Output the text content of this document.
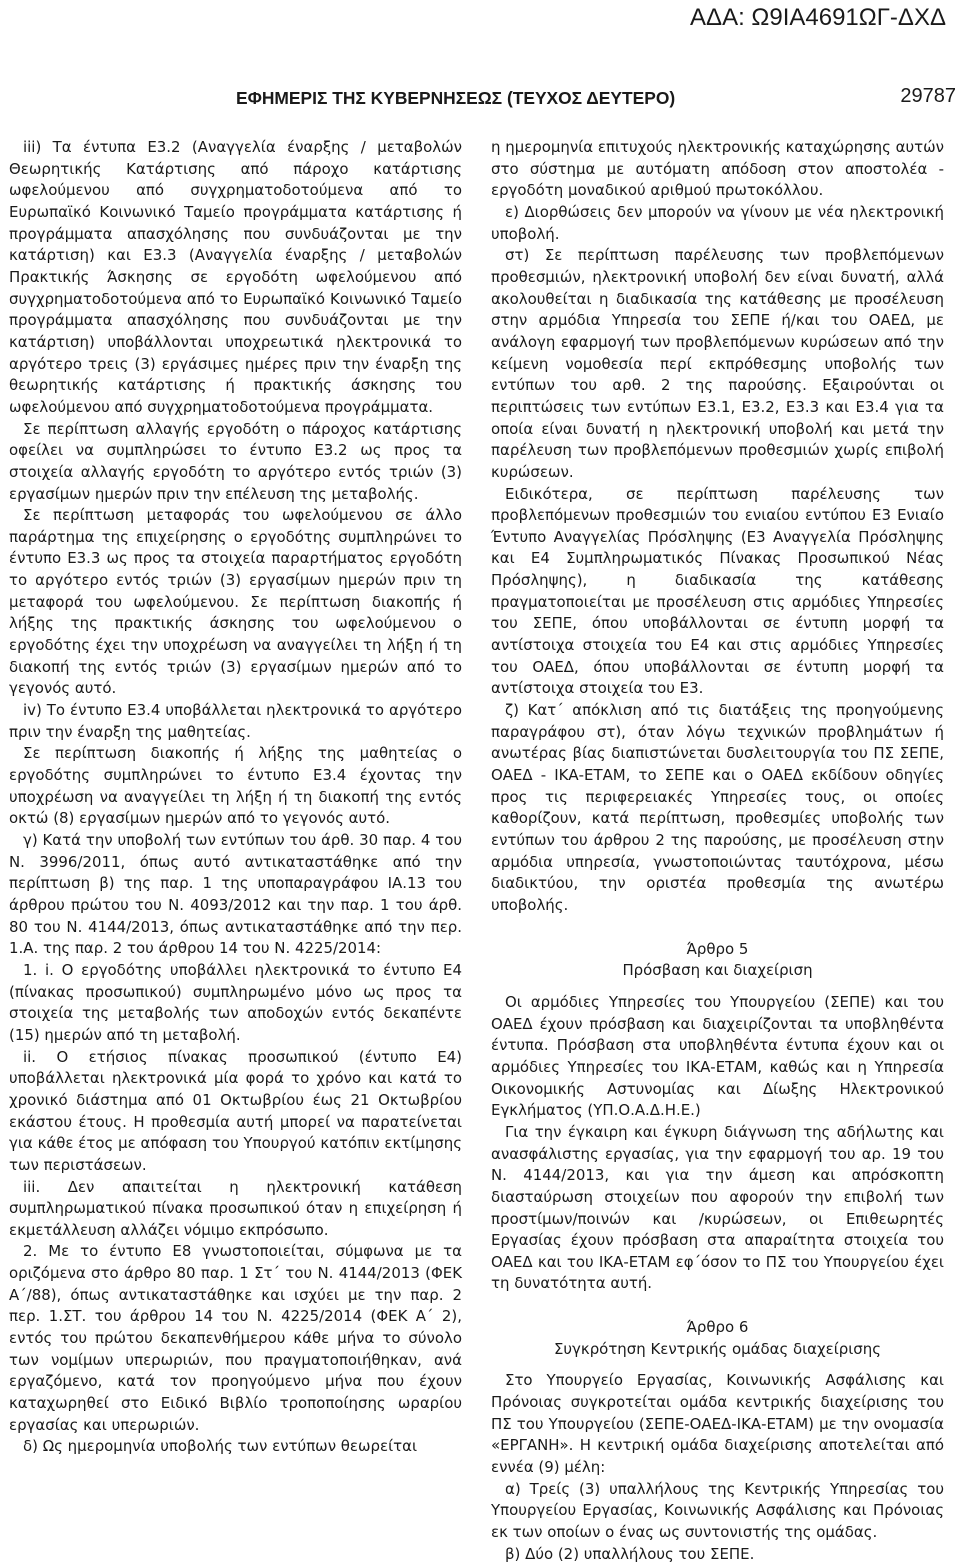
ΑΔΑ: Ω9ΙΑ4691ΩΓ-ΔΧΔ
ΕΦΗΜΕΡΙΣ ΤΗΣ ΚΥΒΕΡΝΗΣΕΩΣ (ΤΕΥΧΟΣ ΔΕΥΤΕΡΟ)	29787

iii) Τα έντυπα Ε3.2 (Αναγγελία έναρξης / μεταβολών Θεωρητικής Κατάρτισης από πάροχο κατάρτισης ωφελούμενου από συγχρηματοδοτούμενα από το Ευρωπαϊκό Κοινωνικό Ταμείο προγράμματα κατάρτισης ή προγράμματα απασχόλησης που συνδυάζονται με την κατάρτιση) και Ε3.3 (Αναγγελία έναρξης / μεταβολών Πρακτικής Άσκησης σε εργοδότη ωφελούμενου από συγχρηματοδοτούμενα από το Ευρωπαϊκό Κοινωνικό Ταμείο προγράμματα απασχόλησης που συνδυάζονται με την κατάρτιση) υποβάλλονται υποχρεωτικά ηλεκτρονικά το αργότερο τρεις (3) εργάσιμες ημέρες πριν την έναρξη της θεωρητικής κατάρτισης ή πρακτικής άσκησης του ωφελούμενου από συγχρηματοδοτούμενα προγράμματα.

Σε περίπτωση αλλαγής εργοδότη ο πάροχος κατάρτισης οφείλει να συμπληρώσει το έντυπο Ε3.2 ως προς τα στοιχεία αλλαγής εργοδότη το αργότερο εντός τριών (3) εργασίμων ημερών πριν την επέλευση της μεταβολής.

Σε περίπτωση μεταφοράς του ωφελούμενου σε άλλο παράρτημα της επιχείρησης ο εργοδότης συμπληρώνει το έντυπο Ε3.3 ως προς τα στοιχεία παραρτήματος εργοδότη το αργότερο εντός τριών (3) εργασίμων ημερών πριν τη μεταφορά του ωφελούμενου. Σε περίπτωση διακοπής ή λήξης της πρακτικής άσκησης του ωφελούμενου ο εργοδότης έχει την υποχρέωση να αναγγείλει τη λήξη ή τη διακοπή της εντός τριών (3) εργασίμων ημερών από το γεγονός αυτό.

iv) Το έντυπο Ε3.4 υποβάλλεται ηλεκτρονικά το αργότερο πριν την έναρξη της μαθητείας.

Σε περίπτωση διακοπής ή λήξης της μαθητείας ο εργοδότης συμπληρώνει το έντυπο Ε3.4 έχοντας την υποχρέωση να αναγγείλει τη λήξη ή τη διακοπή της εντός οκτώ (8) εργασίμων ημερών από το γεγονός αυτό.

γ) Κατά την υποβολή των εντύπων του άρθ. 30 παρ. 4 του Ν. 3996/2011, όπως αυτό αντικαταστάθηκε από την περίπτωση β) της παρ. 1 της υποπαραγράφου ΙΑ.13 του άρθρου πρώτου του Ν. 4093/2012 και την παρ. 1 του άρθ. 80 του Ν. 4144/2013, όπως αντικαταστάθηκε από την περ. 1.Α. της παρ. 2 του άρθρου 14 του Ν. 4225/2014:

1. i. Ο εργοδότης υποβάλλει ηλεκτρονικά το έντυπο Ε4 (πίνακας προσωπικού) συμπληρωμένο μόνο ως προς τα στοιχεία της μεταβολής των αποδοχών εντός δεκαπέντε (15) ημερών από τη μεταβολή.

ii. Ο ετήσιος πίνακας προσωπικού (έντυπο Ε4) υποβάλλεται ηλεκτρονικά μία φορά το χρόνο και κατά το χρονικό διάστημα από 01 Οκτωβρίου έως 21 Οκτωβρίου εκάστου έτους. Η προθεσμία αυτή μπορεί να παρατείνεται για κάθε έτος με απόφαση του Υπουργού κατόπιν εκτίμησης των περιστάσεων.

iii. Δεν απαιτείται η ηλεκτρονική κατάθεση συμπληρωματικού πίνακα προσωπικού όταν η επιχείρηση ή εκμετάλλευση αλλάζει νόμιμο εκπρόσωπο.

2. Με το έντυπο Ε8 γνωστοποιείται, σύμφωνα με τα οριζόμενα στο άρθρο 80 παρ. 1 Στ΄ του Ν. 4144/2013 (ΦΕΚ Α΄/88), όπως αντικαταστάθηκε και ισχύει με την παρ. 2 περ. 1.ΣΤ. του άρθρου 14 του Ν. 4225/2014 (ΦΕΚ Α΄ 2), εντός του πρώτου δεκαπενθήμερου κάθε μήνα το σύνολο των νομίμων υπερωριών, που πραγματοποιήθηκαν, ανά εργαζόμενο, κατά τον προηγούμενο μήνα που έχουν καταχωρηθεί στο Ειδικό Βιβλίο τροποποίησης ωραρίου εργασίας και υπερωριών.

δ) Ως ημερομηνία υποβολής των εντύπων θεωρείται

η ημερομηνία επιτυχούς ηλεκτρονικής καταχώρησης αυτών στο σύστημα με αυτόματη απόδοση στον αποστολέα - εργοδότη μοναδικού αριθμού πρωτοκόλλου.

ε) Διορθώσεις δεν μπορούν να γίνουν με νέα ηλεκτρονική υποβολή.

στ) Σε περίπτωση παρέλευσης των προβλεπόμενων προθεσμιών, ηλεκτρονική υποβολή δεν είναι δυνατή, αλλά ακολουθείται η διαδικασία της κατάθεσης με προσέλευση στην αρμόδια Υπηρεσία του ΣΕΠΕ ή/και του ΟΑΕΔ, με ανάλογη εφαρμογή των προβλεπόμενων κυρώσεων από την κείμενη νομοθεσία περί εκπρόθεσμης υποβολής των εντύπων του αρθ. 2 της παρούσης. Εξαιρούνται οι περιπτώσεις των εντύπων Ε3.1, Ε3.2, Ε3.3 και Ε3.4 για τα οποία είναι δυνατή η ηλεκτρονική υποβολή και μετά την παρέλευση των προβλεπόμενων προθεσμιών χωρίς επιβολή κυρώσεων.

Ειδικότερα, σε περίπτωση παρέλευσης των προβλεπόμενων προθεσμιών του ενιαίου εντύπου Ε3 Ενιαίο Έντυπο Αναγγελίας Πρόσληψης (Ε3 Αναγγελία Πρόσληψης και Ε4 Συμπληρωματικός Πίνακας Προσωπικού Νέας Πρόσληψης), η διαδικασία της κατάθεσης πραγματοποιείται με προσέλευση στις αρμόδιες Υπηρεσίες του ΣΕΠΕ, όπου υποβάλλονται σε έντυπη μορφή τα αντίστοιχα στοιχεία του Ε4 και στις αρμόδιες Υπηρεσίες του ΟΑΕΔ, όπου υποβάλλονται σε έντυπη μορφή τα αντίστοιχα στοιχεία του Ε3.

ζ) Κατ΄ απόκλιση από τις διατάξεις της προηγούμενης παραγράφου στ), όταν λόγω τεχνικών προβλημάτων ή ανωτέρας βίας διαπιστώνεται δυσλειτουργία του ΠΣ ΣΕΠΕ, ΟΑΕΔ - ΙΚΑ-ΕΤΑΜ, το ΣΕΠΕ και ο ΟΑΕΔ εκδίδουν οδηγίες προς τις περιφερειακές Υπηρεσίες τους, οι οποίες καθορίζουν, κατά περίπτωση, προθεσμίες υποβολής των εντύπων του άρθρου 2 της παρούσης, με προσέλευση στην αρμόδια υπηρεσία, γνωστοποιώντας ταυτόχρονα, μέσω διαδικτύου, την οριστέα προθεσμία της ανωτέρω υποβολής.

Άρθρο 5

Πρόσβαση και διαχείριση

Οι αρμόδιες Υπηρεσίες του Υπουργείου (ΣΕΠΕ) και του ΟΑΕΔ έχουν πρόσβαση και διαχειρίζονται τα υποβληθέντα έντυπα. Πρόσβαση στα υποβληθέντα έντυπα έχουν και οι αρμόδιες Υπηρεσίες του ΙΚΑ-ΕΤΑΜ, καθώς και η Υπηρεσία Οικονομικής Αστυνομίας και Δίωξης Ηλεκτρονικού Εγκλήματος (ΥΠ.Ο.Α.Δ.Η.Ε.)

Για την έγκαιρη και έγκυρη διάγνωση της αδήλωτης και ανασφάλιστης εργασίας, για την εφαρμογή του αρ. 19 του Ν. 4144/2013, και για την άμεση και απρόσκοπτη διασταύρωση στοιχείων που αφορούν την επιβολή των προστίμων/ποινών και /κυρώσεων, οι Επιθεωρητές Εργασίας έχουν πρόσβαση στα απαραίτητα στοιχεία του ΟΑΕΔ και του ΙΚΑ-ΕΤΑΜ εφ΄όσον το ΠΣ του Υπουργείου έχει τη δυνατότητα αυτή.

Άρθρο 6

Συγκρότηση Κεντρικής ομάδας διαχείρισης

Στο Υπουργείο Εργασίας, Κοινωνικής Ασφάλισης και Πρόνοιας συγκροτείται ομάδα κεντρικής διαχείρισης του ΠΣ του Υπουργείου (ΣΕΠΕ-ΟΑΕΔ-ΙΚΑ-ΕΤΑΜ) με την ονομασία «ΕΡΓΑΝΗ». Η κεντρική ομάδα διαχείρισης αποτελείται από εννέα (9) μέλη:

α) Τρείς (3) υπαλλήλους της Κεντρικής Υπηρεσίας του Υπουργείου Εργασίας, Κοινωνικής Ασφάλισης και Πρόνοιας εκ των οποίων ο ένας ως συντονιστής της ομάδας.

β) Δύο (2) υπαλλήλους του ΣΕΠΕ.
